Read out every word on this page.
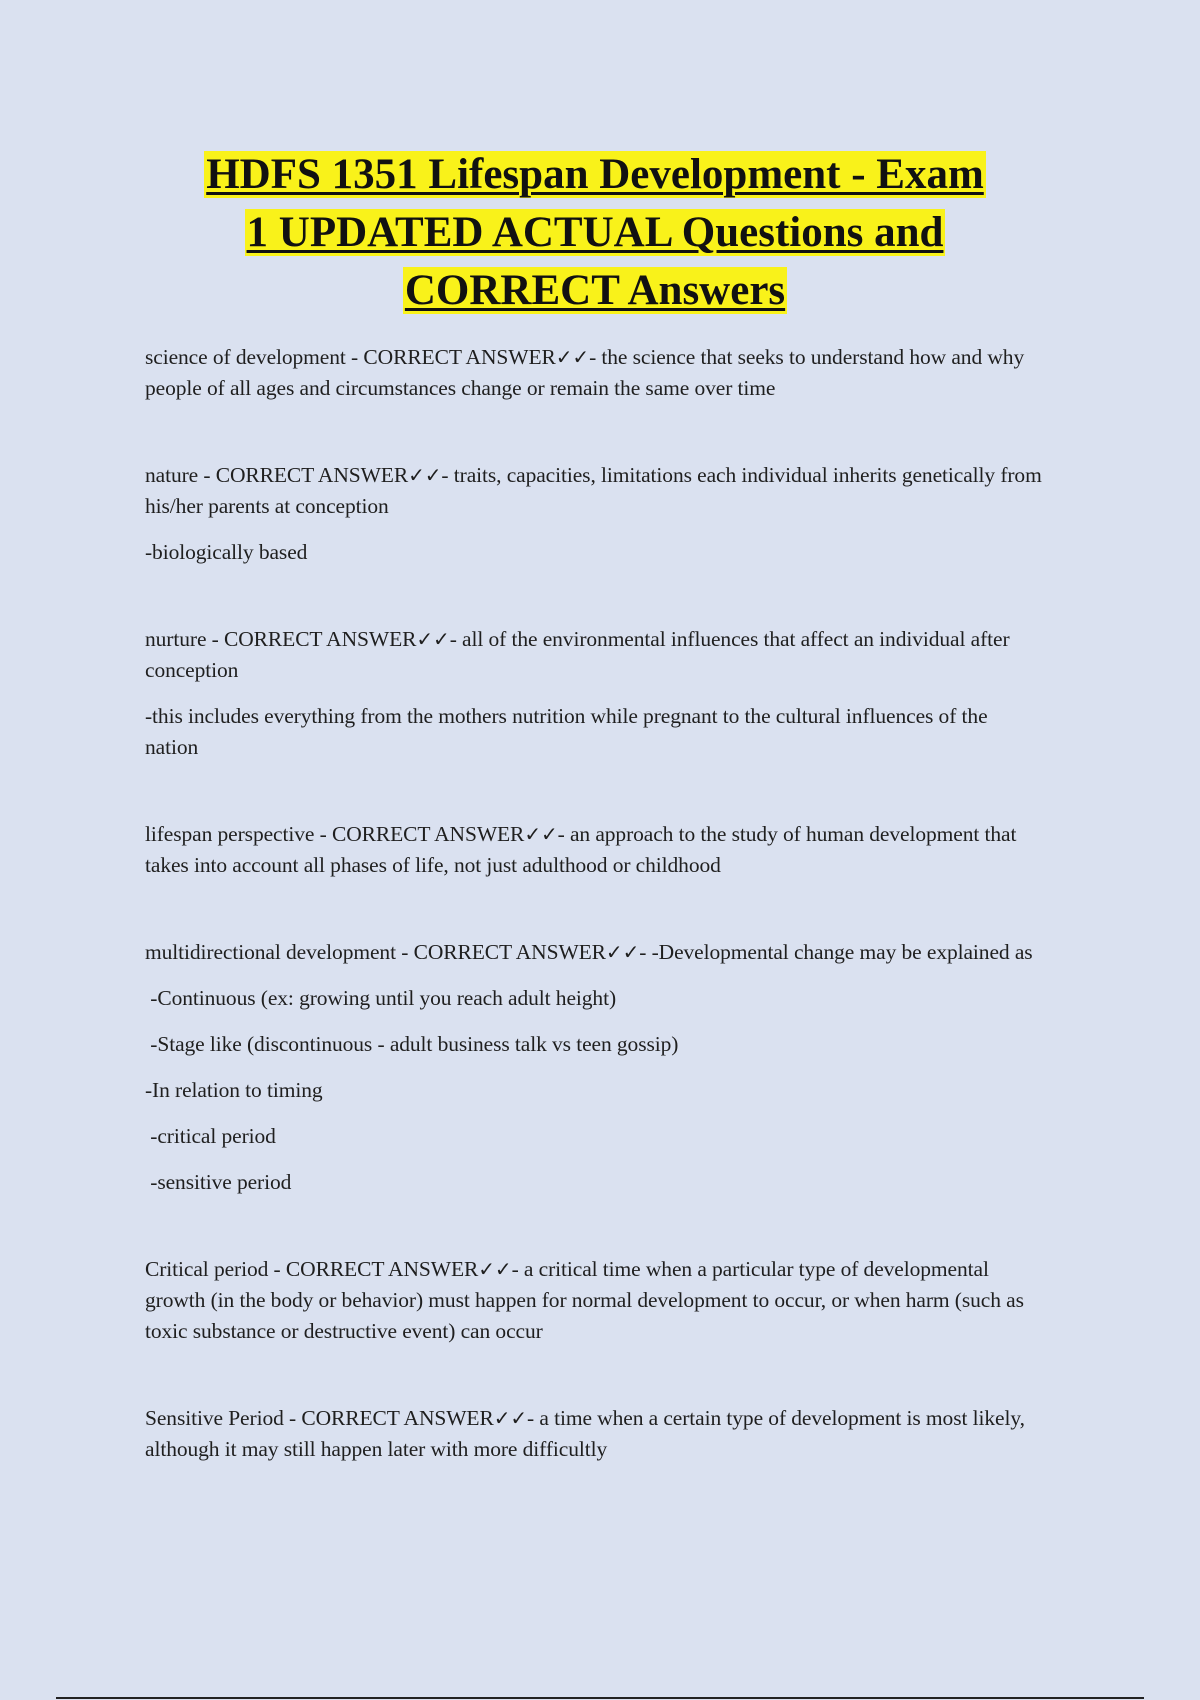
HDFS 1351 Lifespan Development - Exam
1 UPDATED ACTUAL Questions and
CORRECT Answers

science of development - CORRECT ANSWER✓✓- the science that seeks to understand how and why people of all ages and circumstances change or remain the same over time

nature - CORRECT ANSWER✓✓- traits, capacities, limitations each individual inherits genetically from his/her parents at conception

-biologically based

nurture - CORRECT ANSWER✓✓- all of the environmental influences that affect an individual after conception

-this includes everything from the mothers nutrition while pregnant to the cultural influences of the nation

lifespan perspective - CORRECT ANSWER✓✓- an approach to the study of human development that takes into account all phases of life, not just adulthood or childhood

multidirectional development - CORRECT ANSWER✓✓- -Developmental change may be explained as

-Continuous (ex: growing until you reach adult height)

-Stage like (discontinuous - adult business talk vs teen gossip)

-In relation to timing

-critical period

-sensitive period

Critical period - CORRECT ANSWER✓✓- a critical time when a particular type of developmental growth (in the body or behavior) must happen for normal development to occur, or when harm (such as toxic substance or destructive event) can occur

Sensitive Period - CORRECT ANSWER✓✓- a time when a certain type of development is most likely, although it may still happen later with more difficultly
